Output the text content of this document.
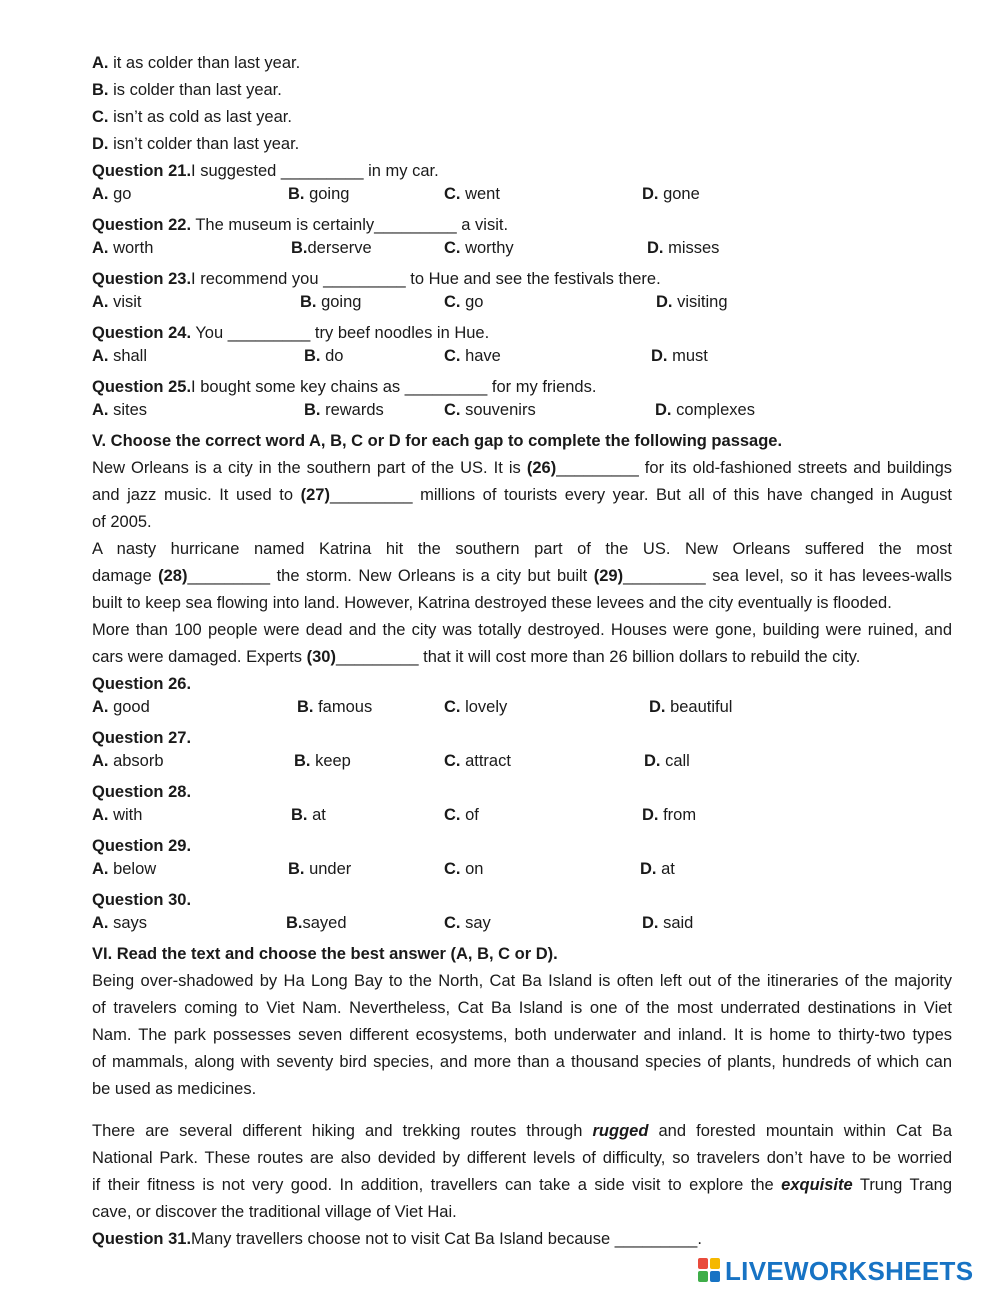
A. it as colder than last year.
B. is colder than last year.
C. isn’t as cold as last year.
D. isn’t colder than last year.
Question 21.I suggested _________ in my car.
A. go	B. going	C. went	D. gone
Question 22. The museum is certainly_________ a visit.
A. worth	B.derserve	C. worthy	D. misses
Question 23.I recommend you _________ to Hue and see the festivals there.
A. visit	B. going	C. go	D. visiting
Question 24. You _________ try beef noodles in Hue.
A. shall	B. do	C. have	D. must
Question 25.I bought some key chains as _________ for my friends.
A. sites	B. rewards	C. souvenirs	D. complexes
V. Choose the correct word A, B, C or D for each gap to complete the following passage.
New Orleans is a city in the southern part of the US. It is (26)_________ for its old-fashioned streets and buildings
and jazz music. It used to (27)_________ millions of tourists every year. But all of this have changed in August
of 2005.
A nasty hurricane named Katrina hit the southern part of the US. New Orleans suffered the most
damage (28)_________ the storm. New Orleans is a city but built (29)_________ sea level, so it has levees-walls
built to keep sea flowing into land. However, Katrina destroyed these levees and the city eventually is flooded.
More than 100 people were dead and the city was totally destroyed. Houses were gone, building were ruined, and
cars were damaged. Experts (30)_________ that it will cost more than 26 billion dollars to rebuild the city.
Question 26.
A. good	B. famous	C. lovely	D. beautiful
Question 27.
A. absorb	B. keep	C. attract	D. call
Question 28.
A. with	B. at	C. of	D. from
Question 29.
A. below	B. under	C. on	D. at
Question 30.
A. says	B.sayed	C. say	D. said
VI. Read the text and choose the best answer (A, B, C or D).
Being over-shadowed by Ha Long Bay to the North, Cat Ba Island is often left out of the itineraries of the majority
of travelers coming to Viet Nam. Nevertheless, Cat Ba Island is one of the most underrated destinations in Viet
Nam. The park possesses seven different ecosystems, both underwater and inland. It is home to thirty-two types
of mammals, along with seventy bird species, and more than a thousand species of plants, hundreds of which can
be used as medicines.
There are several different hiking and trekking routes through rugged and forested mountain within Cat Ba
National Park. These routes are also devided by different levels of difficulty, so travelers don’t have to be worried
if their fitness is not very good. In addition, travellers can take a side visit to explore the exquisite Trung Trang
cave, or discover the traditional village of Viet Hai.
Question 31.Many travellers choose not to visit Cat Ba Island because _________.
LIVEWORKSHEETS
